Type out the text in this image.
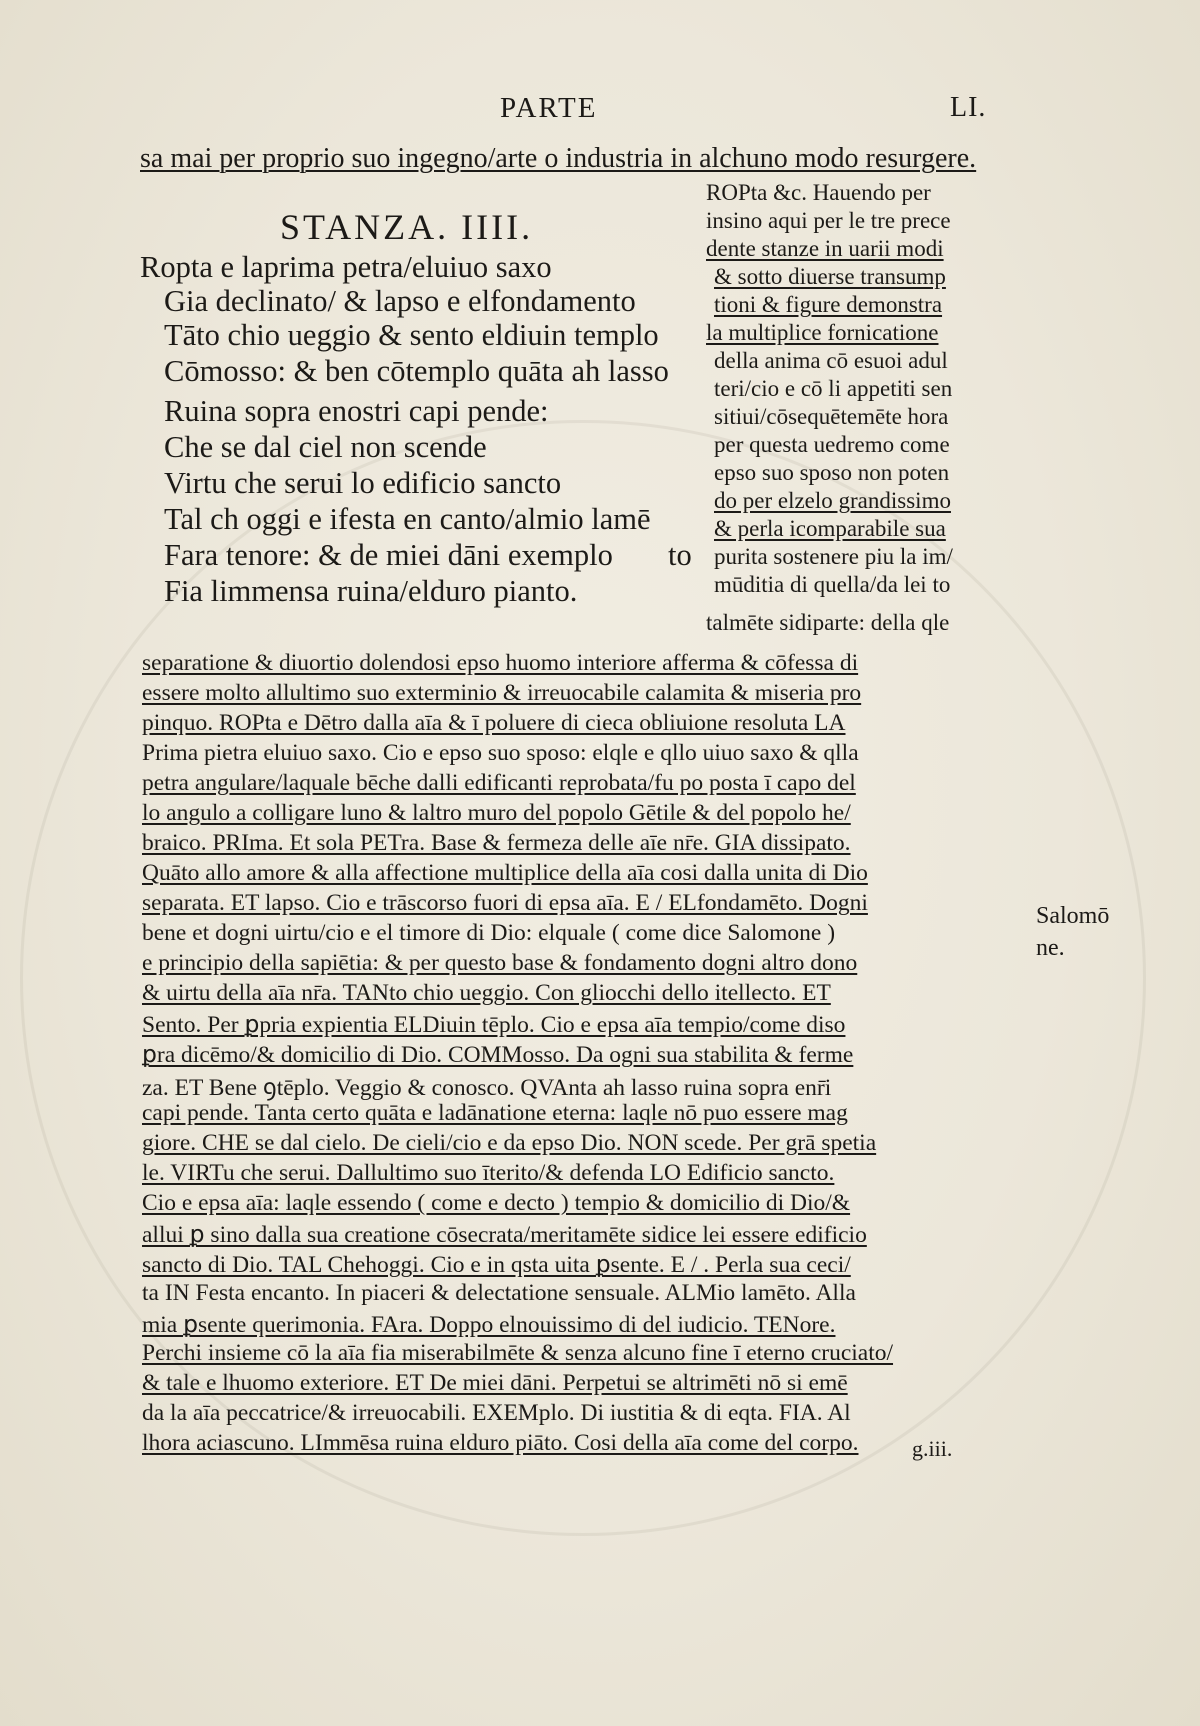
PARTE	LI.
sa mai per proprio suo ingegno/arte o industria in alchuno modo resurgere.
STANZA. IIII.
Ropta e laprima petra/eluiuo saxo
Gia declinato/ & lapso e elfondamento
Tāto chio ueggio & sento eldiuin templo
Cōmosso: & ben cōtemplo quāta ah lasso
Ruina sopra enostri capi pende:
Che se dal ciel non scende
Virtu che serui lo edificio sancto
Tal ch oggi e ifesta en canto/almio lamē
Fara tenore: & de miei dāni exemplo
Fia limmensa ruina/elduro pianto.
to
ROPta &c. Hauendo per
insino aqui per le tre prece
dente stanze in uarii modi
& sotto diuerse transump
tioni & figure demonstra
la multiplice fornicatione
della anima cō esuoi adul
teri/cio e cō li appetiti sen
sitiui/cōsequētemēte hora
per questa uedremo come
epso suo sposo non poten
do per elzelo grandissimo
& perla icomparabile sua
purita sostenere piu la im/
mūditia di quella/da lei to
talmēte sidiparte: della qle
separatione & diuortio dolendosi epso huomo interiore afferma & cōfessa di
essere molto allultimo suo exterminio & irreuocabile calamita & miseria pro
pinquo. ROPta e Dētro dalla aīa & ī poluere di cieca obliuione resoluta LA
Prima pietra eluiuo saxo. Cio e epso suo sposo: elqle e qllo uiuo saxo & qlla
petra angulare/laquale bēche dalli edificanti reprobata/fu po posta ī capo del
lo angulo a colligare luno & laltro muro del popolo Gētile & del popolo he/
braico. PRIma. Et sola PETra. Base & fermeza delle aīe nr̄e. GIA dissipato.
Quāto allo amore & alla affectione multiplice della aīa cosi dalla unita di Dio
separata. ET lapso. Cio e trāscorso fuori di epsa aīa. E / ELfondamēto. Dogni
bene et dogni uirtu/cio e el timore di Dio: elquale ( come dice Salomone )
e principio della sapiētia: & per questo base & fondamento dogni altro dono
& uirtu della aīa nr̄a. TANto chio ueggio. Con gliocchi dello itellecto. ET
Sento. Per ꝑpria expientia ELDiuin tēplo. Cio e epsa aīa tempio/come diso
ꝑra dicēmo/& domicilio di Dio. COMMosso. Da ogni sua stabilita & ferme
za. ET Bene ꝯtēplo. Veggio & conosco. QVAnta ah lasso ruina sopra enr̄i
capi pende. Tanta certo quāta e ladānatione eterna: laqle nō puo essere mag
giore. CHE se dal cielo. De cieli/cio e da epso Dio. NON scede. Per grā spetia
le. VIRTu che serui. Dallultimo suo īterito/& defenda LO Edificio sancto.
Cio e epsa aīa: laqle essendo ( come e decto ) tempio & domicilio di Dio/&
allui ꝑ sino dalla sua creatione cōsecrata/meritamēte sidice lei essere edificio
sancto di Dio. TAL Chehoggi. Cio e in qsta uita ꝑsente. E / . Perla sua ceci/
ta IN Festa encanto. In piaceri & delectatione sensuale. ALMio lamēto. Alla
mia ꝑsente querimonia. FAra. Doppo elnouissimo di del iudicio. TENore.
Perchi insieme cō la aīa fia miserabilmēte & senza alcuno fine ī eterno cruciato/
& tale e lhuomo exteriore. ET De miei dāni. Perpetui se altrimēti nō si emē
da la aīa peccatrice/& irreuocabili. EXEMplo. Di iustitia & di eqta. FIA. Al
lhora aciascuno. LImmēsa ruina elduro piāto. Cosi della aīa come del corpo.
Salomō
ne.
g.iii.
